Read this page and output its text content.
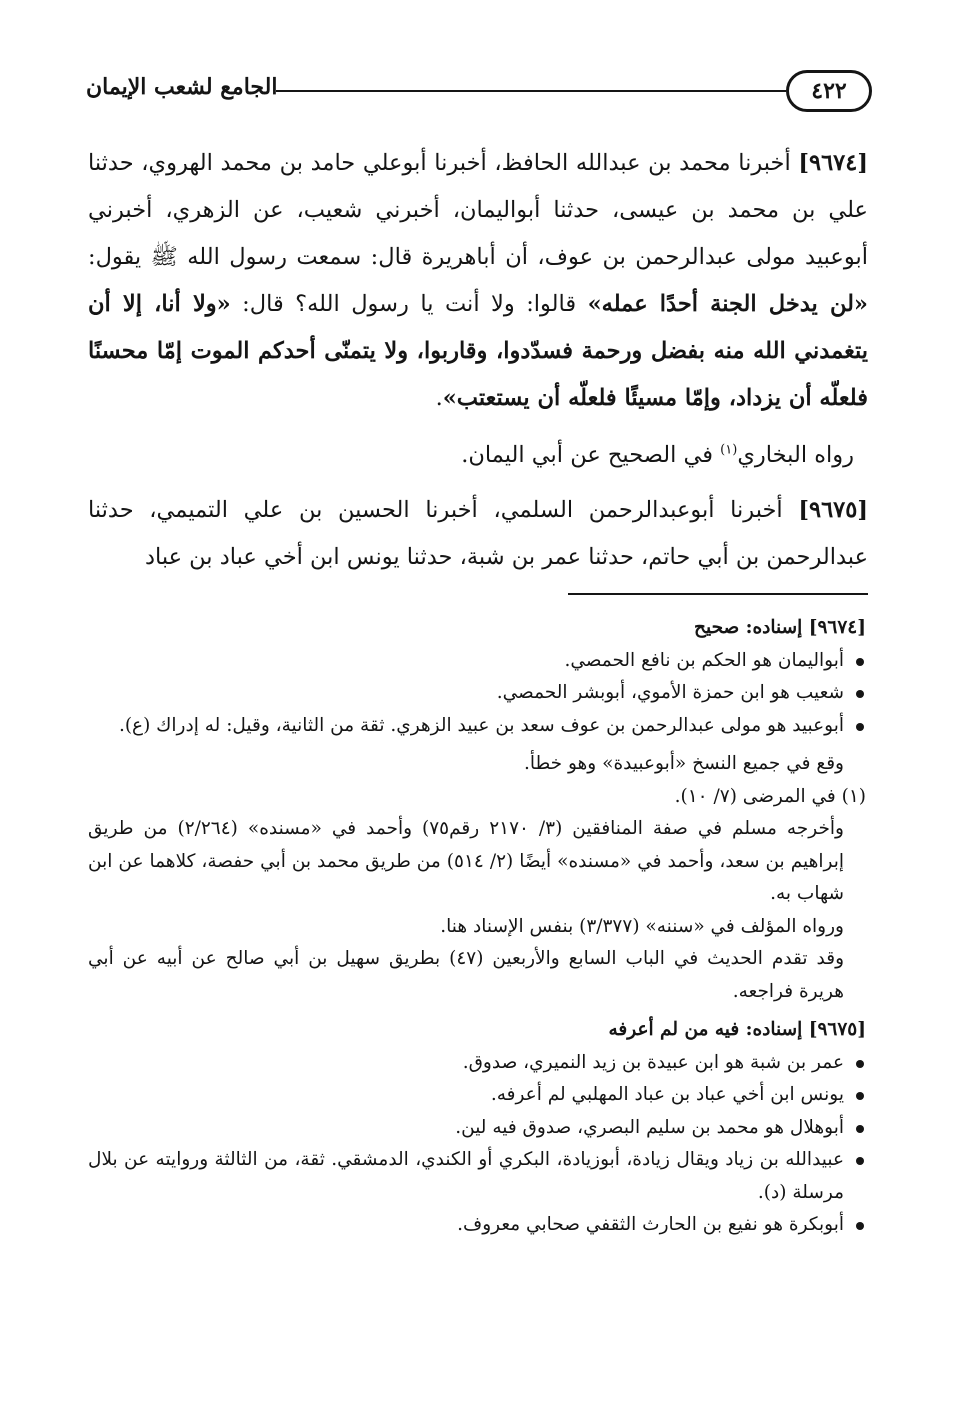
٤٢٢
الجامع لشعب الإيمان

[٩٦٧٤] أخبرنا محمد بن عبدالله الحافظ، أخبرنا أبوعلي حامد بن محمد الهروي، حدثنا علي بن محمد بن عيسى، حدثنا أبواليمان، أخبرني شعيب، عن الزهري، أخبرني أبوعبيد مولى عبدالرحمن بن عوف، أن أباهريرة قال: سمعت رسول الله ﷺ يقول: «لن يدخل الجنة أحدًا عمله» قالوا: ولا أنت يا رسول الله؟ قال: «ولا أنا، إلا أن يتغمدني الله منه بفضل ورحمة فسدّدوا، وقاربوا، ولا يتمنّى أحدكم الموت إمّا محسنًا فلعلّه أن يزداد، وإمّا مسيئًا فلعلّه أن يستعتب».

رواه البخاري$^{(١)}$ في الصحيح عن أبي اليمان.

[٩٦٧٥] أخبرنا أبوعبدالرحمن السلمي، أخبرنا الحسين بن علي التميمي، حدثنا عبدالرحمن بن أبي حاتم، حدثنا عمر بن شبة، حدثنا يونس ابن أخي عباد بن عباد

[٩٦٧٤] إسناده: صحيح

أبواليمان هو الحكم بن نافع الحمصي.
شعيب هو ابن حمزة الأموي، أبوبشر الحمصي.
أبوعبيد هو مولى عبدالرحمن بن عوف سعد بن عبيد الزهري. ثقة من الثانية، وقيل: له إدراك (ع).

وقع في جميع النسخ «أبوعبيدة» وهو خطأ.

(١) في المرضى (٧/ ١٠).

وأخرجه مسلم في صفة المنافقين (٣/ ٢١٧٠ رقم٧٥) وأحمد في «مسنده» (٢/٢٦٤) من طريق إبراهيم بن سعد، وأحمد في «مسنده» أيضًا (٢/ ٥١٤) من طريق محمد بن أبي حفصة، كلاهما عن ابن شهاب به.

ورواه المؤلف في «سننه» (٣/٣٧٧) بنفس الإسناد هنا.

وقد تقدم الحديث في الباب السابع والأربعين (٤٧) بطريق سهيل بن أبي صالح عن أبيه عن أبي هريرة فراجعه.

[٩٦٧٥] إسناده: فيه من لم أعرفه

عمر بن شبة هو ابن عبيدة بن زيد النميري، صدوق.
يونس ابن أخي عباد بن عباد المهلبي لم أعرفه.
أبوهلال هو محمد بن سليم البصري، صدوق فيه لين.
عبيدالله بن زياد ويقال زيادة، أبوزيادة، البكري أو الكندي، الدمشقي. ثقة، من الثالثة وروايته عن بلال مرسلة (د).
أبوبكرة هو نفيع بن الحارث الثقفي صحابي معروف.
